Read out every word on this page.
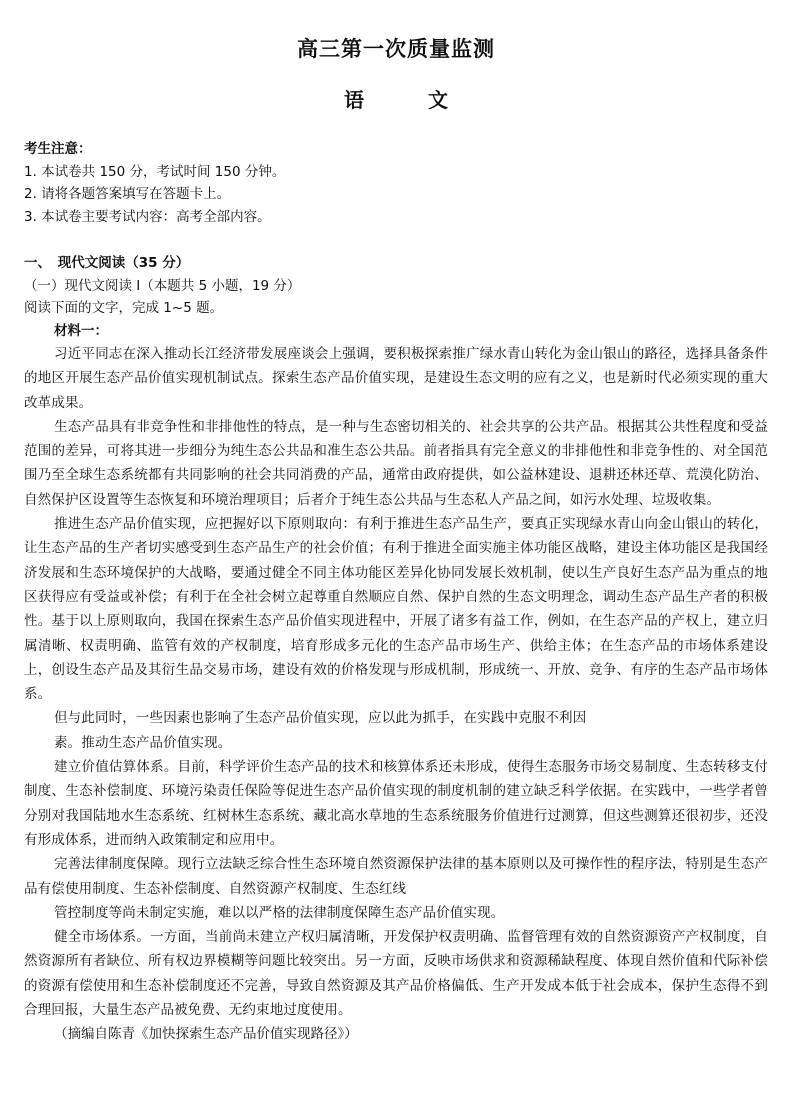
高三第一次质量监测
语　文
考生注意：
1. 本试卷共 150 分，考试时间 150 分钟。
2. 请将各题答案填写在答题卡上。
3. 本试卷主要考试内容：高考全部内容。
一、　现代文阅读（35 分）
（一）现代文阅读 I（本题共 5 小题，19 分）
阅读下面的文字，完成 1~5 题。
材料一：

习近平同志在深入推动长江经济带发展座谈会上强调，要积极探索推广绿水青山转化为金山银山的路径，选择具备条件的地区开展生态产品价值实现机制试点。探索生态产品价值实现，是建设生态文明的应有之义，也是新时代必须实现的重大改革成果。

生态产品具有非竞争性和非排他性的特点，是一种与生态密切相关的、社会共享的公共产品。根据其公共性程度和受益范围的差异，可将其进一步细分为纯生态公共品和准生态公共品。前者指具有完全意义的非排他性和非竞争性的、对全国范围乃至全球生态系统都有共同影响的社会共同消费的产品，通常由政府提供，如公益林建设、退耕还林还草、荒漠化防治、自然保护区设置等生态恢复和环境治理项目；后者介于纯生态公共品与生态私人产品之间，如污水处理、垃圾收集。

推进生态产品价值实现，应把握好以下原则取向：有利于推进生态产品生产，要真正实现绿水青山向金山银山的转化，让生态产品的生产者切实感受到生态产品生产的社会价值；有利于推进全面实施主体功能区战略，建设主体功能区是我国经济发展和生态环境保护的大战略，要通过健全不同主体功能区差异化协同发展长效机制，使以生产良好生态产品为重点的地区获得应有受益或补偿；有利于在全社会树立起尊重自然顺应自然、保护自然的生态文明理念，调动生态产品生产者的积极性。基于以上原则取向，我国在探索生态产品价值实现进程中，开展了诸多有益工作，例如，在生态产品的产权上，建立归属清晰、权责明确、监管有效的产权制度，培育形成多元化的生态产品市场生产、供给主体；在生态产品的市场体系建设上，创设生态产品及其衍生品交易市场，建设有效的价格发现与形成机制，形成统一、开放、竞争、有序的生态产品市场体系。

但与此同时，一些因素也影响了生态产品价值实现，应以此为抓手，在实践中克服不利因

素。推动生态产品价值实现。

建立价值估算体系。目前，科学评价生态产品的技术和核算体系还未形成，使得生态服务市场交易制度、生态转移支付制度、生态补偿制度、环境污染责任保险等促进生态产品价值实现的制度机制的建立缺乏科学依据。在实践中，一些学者曾分别对我国陆地水生态系统、红树林生态系统、藏北高水草地的生态系统服务价值进行过测算，但这些测算还很初步，还没有形成体系，进而纳入政策制定和应用中。

完善法律制度保障。现行立法缺乏综合性生态环境自然资源保护法律的基本原则以及可操作性的程序法，特别是生态产品有偿使用制度、生态补偿制度、自然资源产权制度、生态红线

管控制度等尚未制定实施，难以以严格的法律制度保障生态产品价值实现。

健全市场体系。一方面，当前尚未建立产权归属清晰，开发保护权责明确、监督管理有效的自然资源资产产权制度，自然资源所有者缺位、所有权边界模糊等问题比较突出。另一方面，反映市场供求和资源稀缺程度、体现自然价值和代际补偿的资源有偿使用和生态补偿制度还不完善，导致自然资源及其产品价格偏低、生产开发成本低于社会成本，保护生态得不到合理回报，大量生态产品被免费、无约束地过度使用。

（摘编自陈青《加快探索生态产品价值实现路径》）
